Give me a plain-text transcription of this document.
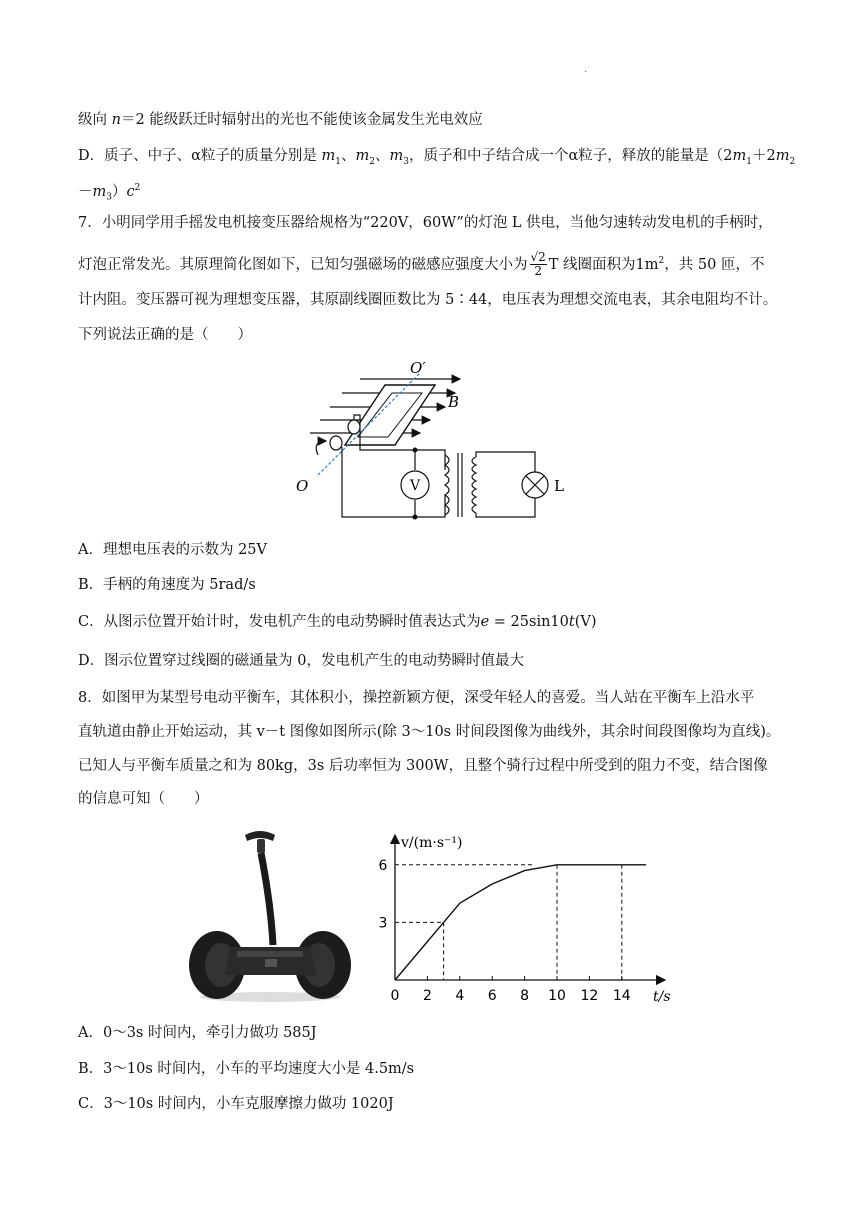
.
级向 n＝2 能级跃迁时辐射出的光也不能使该金属发生光电效应
D．质子、中子、α粒子的质量分别是 $m_1$、$m_2$、$m_3$，质子和中子结合成一个α粒子，释放的能量是（$2m_1+2m_2$
$-m_3)c^2$
7．小明同学用手摇发电机接变压器给规格为“220V，60W”的灯泡 L 供电，当他匀速转动发电机的手柄时，
灯泡正常发光。其原理简化图如下，已知匀强磁场的磁感应强度大小为 $\frac{√2}{2}$ T 线圈面积为$1m^2$，共 50 匝，不
计内阻。变压器可视为理想变压器，其原副线圈匝数比为 5∶44，电压表为理想交流电表，其余电阻均不计。
下列说法正确的是（　　）
V	L
O′
B
O
A．理想电压表的示数为 25V
B．手柄的角速度为 5rad/s
C．从图示位置开始计时，发电机产生的电动势瞬时值表达式为e = 25sin10t(V)
D．图示位置穿过线圈的磁通量为 0，发电机产生的电动势瞬时值最大
8．如图甲为某型号电动平衡车，其体积小，操控新颖方便，深受年轻人的喜爱。当人站在平衡车上沿水平
直轨道由静止开始运动，其 v－t 图像如图所示(除 3～10s 时间段图像为曲线外，其余时间段图像均为直线)。
已知人与平衡车质量之和为 80kg，3s 后功率恒为 300W，且整个骑行过程中所受到的阻力不变，结合图像
的信息可知（　　）
v/(m·s⁻¹)
t/s
0 2 4 6 8 10 12 14
3
6
A．0～3s 时间内，牵引力做功 585J
B．3～10s 时间内，小车的平均速度大小是 4.5m/s
C．3～10s 时间内，小车克服摩擦力做功 1020J
